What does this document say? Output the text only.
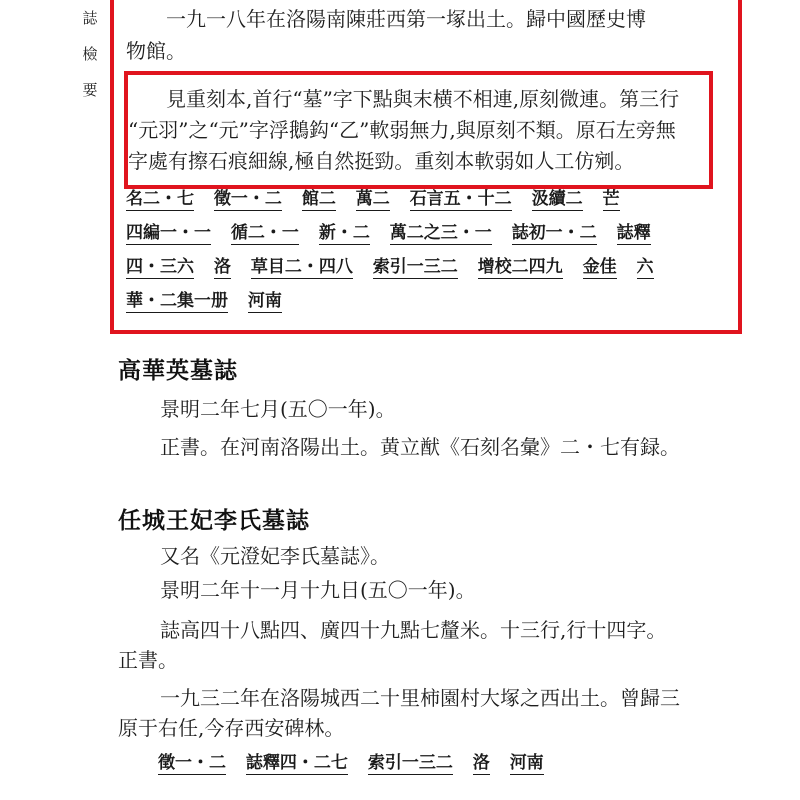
誌
檢
要
一九一八年在洛陽南陳莊西第一塚出土。歸中國歷史博
物館。
見重刻本,首行“墓”字下點與末横不相連,原刻微連。第三行
“元羽”之“元”字浮鵝鈎“乙”軟弱無力,與原刻不類。原石左旁無
字處有擦石痕細線,極自然挺勁。重刻本軟弱如人工仿剜。
名二・七 徵一・二 館二 萬二 石言五・十二 汲續二 芒
四編一・一 循二・一 新・二 萬二之三・一 誌初一・二 誌釋
四・三六 洛 草目二・四八 索引一三二 增校二四九 金佳 六
華・二集一册 河南
高華英墓誌
景明二年七月(五〇一年)。
正書。在河南洛陽出土。黄立猷《石刻名彙》二・七有録。
任城王妃李氏墓誌
又名《元澄妃李氏墓誌》。
景明二年十一月十九日(五〇一年)。
誌高四十八點四、廣四十九點七釐米。十三行,行十四字。
正書。
一九三二年在洛陽城西二十里柿園村大塚之西出土。曾歸三
原于右任,今存西安碑林。
徵一・二 誌釋四・二七 索引一三二 洛 河南
